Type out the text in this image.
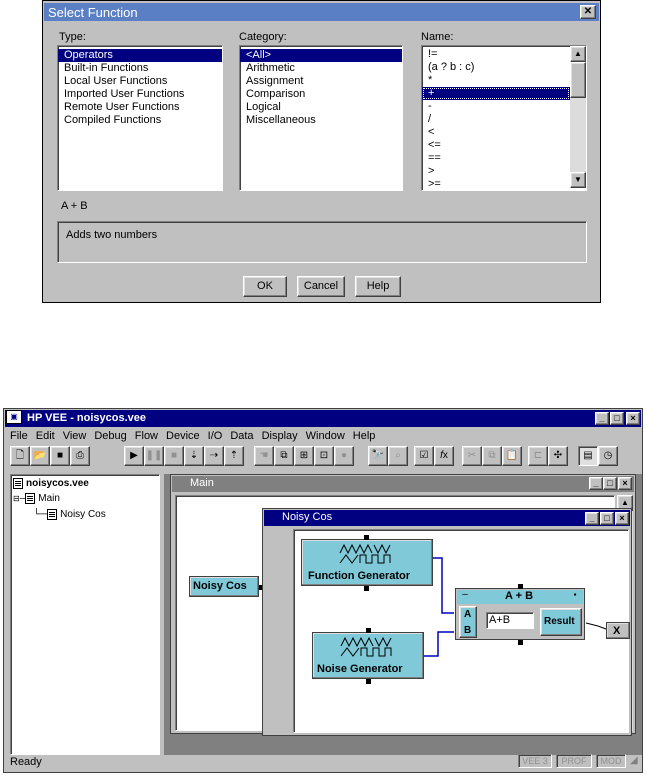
Select Function	✕
Type:	Category:	Name:
Operators
Built-in Functions
Local User Functions
Imported User Functions
Remote User Functions
Compiled Functions
<All>
Arithmetic
Assignment
Comparison
Logical
Miscellaneous
!=
(a ? b : c)
*
+
-
/
<
<=
==
>
>=
▲
▼
A + B
Adds two numbers
OK	Cancel	Help
HP VEE - noisycos.vee
▣	_	□	×
File Edit View Debug Flow Device I/O Data Display Window Help
🗋 📂	■	⎙	▶ ❚❚ ■	⇣	⇢	⇡	☚	⧉	⊞	⊡	●	🔭	⌕	☑	fx	✂	⧉	📋	⊏	✣	▤	◷
noisycos.vee
⊟– Main
└─ Noisy Cos
Main	_ □	×
▲
Noisy Cos
Ready	VEE 3	PROF	MOD ◢
Noisy Cos	_	□	×
Function Generator
Noise Generator
–	A + B	▪
A
B
A+B	Result
X
